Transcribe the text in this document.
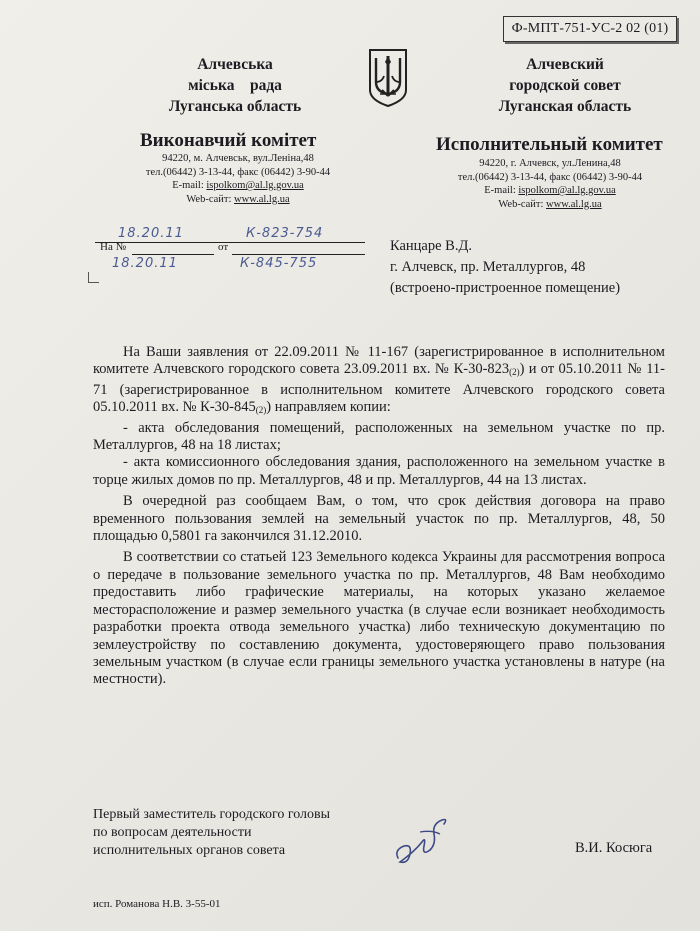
Ф-МПТ-751-УС-2 02 (01)
Алчевська
міська рада
Луганська область
Алчевский
городской совет
Луганская область
Виконавчий комітет	Исполнительный комитет
94220, м. Алчевськ, вул.Леніна,48
тел.(06442) 3-13-44, факс (06442) 3-90-44
E-mail: ispolkom@al.lg.gov.ua
Web-сайт: www.al.lg.ua
94220, г. Алчевск, ул.Ленина,48
тел.(06442) 3-13-44, факс (06442) 3-90-44
E-mail: ispolkom@al.lg.gov.ua
Web-сайт: www.al.lg.ua
18.20.11	К-823-754
На №	от
18.20.11	К-845-755
Канцаре В.Д.
г. Алчевск, пр. Металлургов, 48
(встроено-пристроенное помещение)

На Ваши заявления от 22.09.2011 № 11-167 (зарегистрированное в исполнительном комитете Алчевского городского совета 23.09.2011 вх. № $К-30-823_{(2)}$) и от 05.10.2011 № 11-71 (зарегистрированное в исполнительном комитете Алчевского городского совета 05.10.2011 вх. № $К-30-845_{(2)}$) направляем копии:

- акта обследования помещений, расположенных на земельном участке по пр. Металлургов, 48 на 18 листах;

- акта комиссионного обследования здания, расположенного на земельном участке в торце жилых домов по пр. Металлургов, 48 и пр. Металлургов, 44 на 13 листах.

В очередной раз сообщаем Вам, о том, что срок действия договора на право временного пользования землей на земельный участок по пр. Металлургов, 48, 50 площадью 0,5801 га закончился 31.12.2010.

В соответствии со статьей 123 Земельного кодекса Украины для рассмотрения вопроса о передаче в пользование земельного участка по пр. Металлургов, 48 Вам необходимо предоставить либо графические материалы, на которых указано желаемое месторасположение и размер земельного участка (в случае если возникает необходимость разработки проекта отвода земельного участка) либо техническую документацию по землеустройству по составлению документа, удостоверяющего право пользования земельным участком (в случае если границы земельного участка установлены в натуре (на местности).

Первый заместитель городского головы
по вопросам деятельности
исполнительных органов совета	В.И. Косюга
исп. Романова Н.В. 3-55-01
